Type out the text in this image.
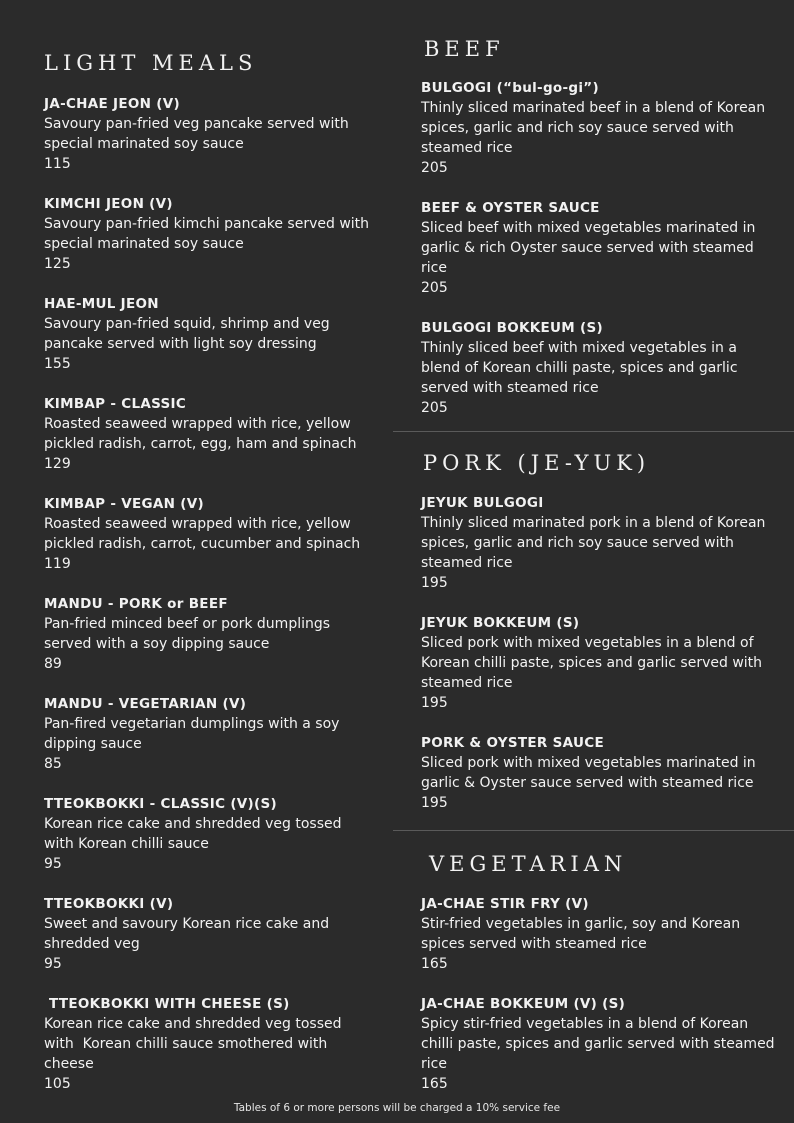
LIGHT MEALS
JA-CHAE JEON (V)
Savoury pan-fried veg pancake served with special marinated soy sauce
115
KIMCHI JEON (V)
Savoury pan-fried kimchi pancake served with special marinated soy sauce
125
HAE-MUL JEON
Savoury pan-fried squid, shrimp and veg pancake served with light soy dressing
155
KIMBAP - CLASSIC
Roasted seaweed wrapped with rice, yellow pickled radish, carrot, egg, ham and spinach
129
KIMBAP - VEGAN (V)
Roasted seaweed wrapped with rice, yellow pickled radish, carrot, cucumber and spinach
119
MANDU - PORK or BEEF
Pan-fried minced beef or pork dumplings served with a soy dipping sauce
89
MANDU - VEGETARIAN (V)
Pan-fired vegetarian dumplings with a soy dipping sauce
85
TTEOKBOKKI - CLASSIC (V)(S)
Korean rice cake and shredded veg tossed with Korean chilli sauce
95
TTEOKBOKKI (V)
Sweet and savoury Korean rice cake and shredded veg
95
TTEOKBOKKI WITH CHEESE (S)
Korean rice cake and shredded veg tossed with  Korean chilli sauce smothered with cheese
105
BEEF
BULGOGI (“bul-go-gi”)
Thinly sliced marinated beef in a blend of Korean spices, garlic and rich soy sauce served with steamed rice
205
BEEF & OYSTER SAUCE
Sliced beef with mixed vegetables marinated in garlic & rich Oyster sauce served with steamed rice
205
BULGOGI BOKKEUM (S)
Thinly sliced beef with mixed vegetables in a blend of Korean chilli paste, spices and garlic served with steamed rice
205
PORK (JE-YUK)
JEYUK BULGOGI
Thinly sliced marinated pork in a blend of Korean spices, garlic and rich soy sauce served with steamed rice
195
JEYUK BOKKEUM (S)
Sliced pork with mixed vegetables in a blend of Korean chilli paste, spices and garlic served with steamed rice
195
PORK & OYSTER SAUCE
Sliced pork with mixed vegetables marinated in garlic & Oyster sauce served with steamed rice
195
VEGETARIAN
JA-CHAE STIR FRY (V)
Stir-fried vegetables in garlic, soy and Korean spices served with steamed rice
165
JA-CHAE BOKKEUM (V) (S)
Spicy stir-fried vegetables in a blend of Korean chilli paste, spices and garlic served with steamed rice
165
Tables of 6 or more persons will be charged a 10% service fee
